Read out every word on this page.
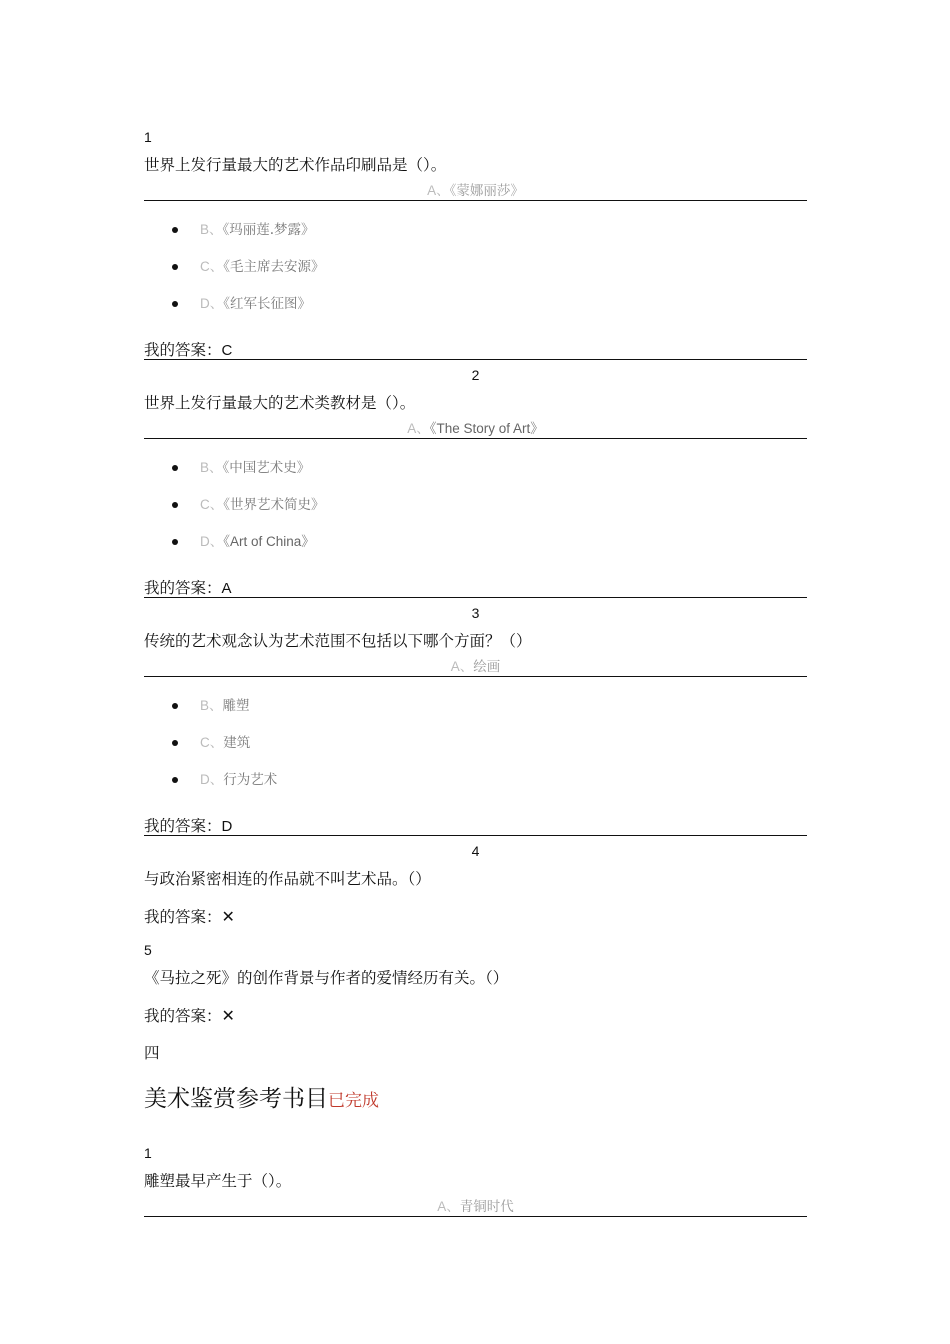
1
世界上发行量最大的艺术作品印刷品是（）。
A、《蒙娜丽莎》
B、《玛丽莲.梦露》
C、《毛主席去安源》
D、《红军长征图》
我的答案：C
2
世界上发行量最大的艺术类教材是（）。
A、《The Story of Art》
B、《中国艺术史》
C、《世界艺术简史》
D、《Art of China》
我的答案：A
3
传统的艺术观念认为艺术范围不包括以下哪个方面？（）
A、绘画
B、雕塑
C、建筑
D、行为艺术
我的答案：D
4
与政治紧密相连的作品就不叫艺术品。（）
我的答案：✕
5
《马拉之死》的创作背景与作者的爱情经历有关。（）
我的答案：✕
四
美术鉴赏参考书目已完成
1
雕塑最早产生于（）。
A、青铜时代
